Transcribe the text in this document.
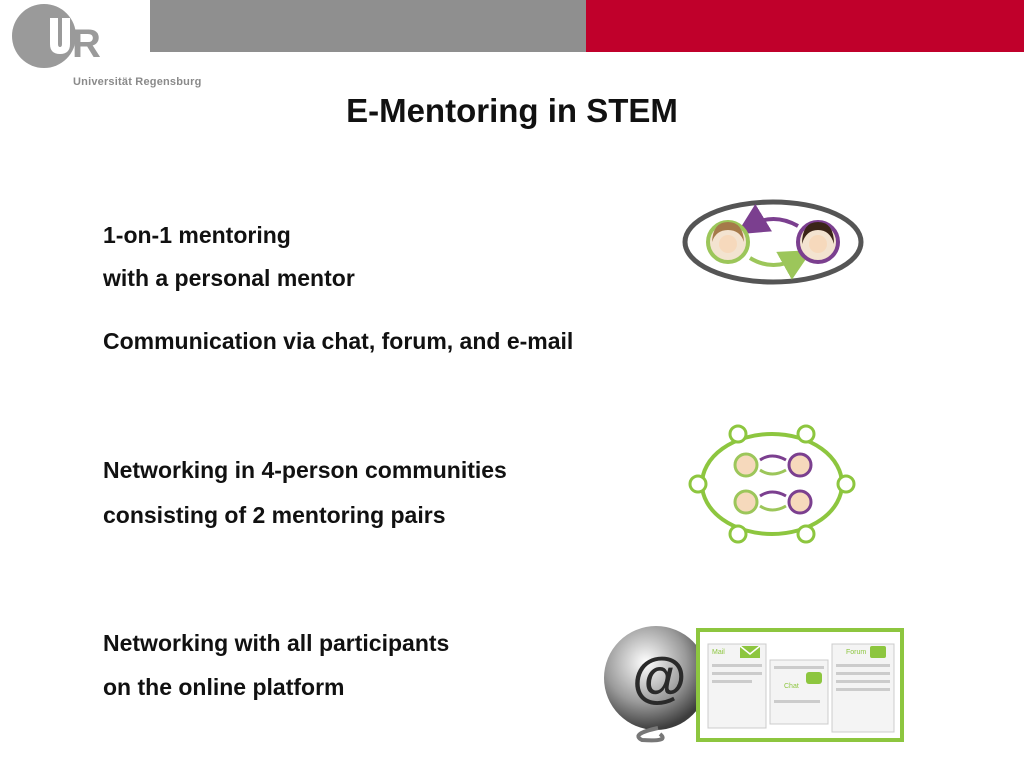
R
Universität Regensburg
E-Mentoring in STEM
1-on-1 mentoring
with a personal mentor
Communication via chat, forum, and e-mail
Networking in 4-person communities
consisting of 2 mentoring pairs
Networking with all participants
on the online platform	@	Mail
Chat
Forum
